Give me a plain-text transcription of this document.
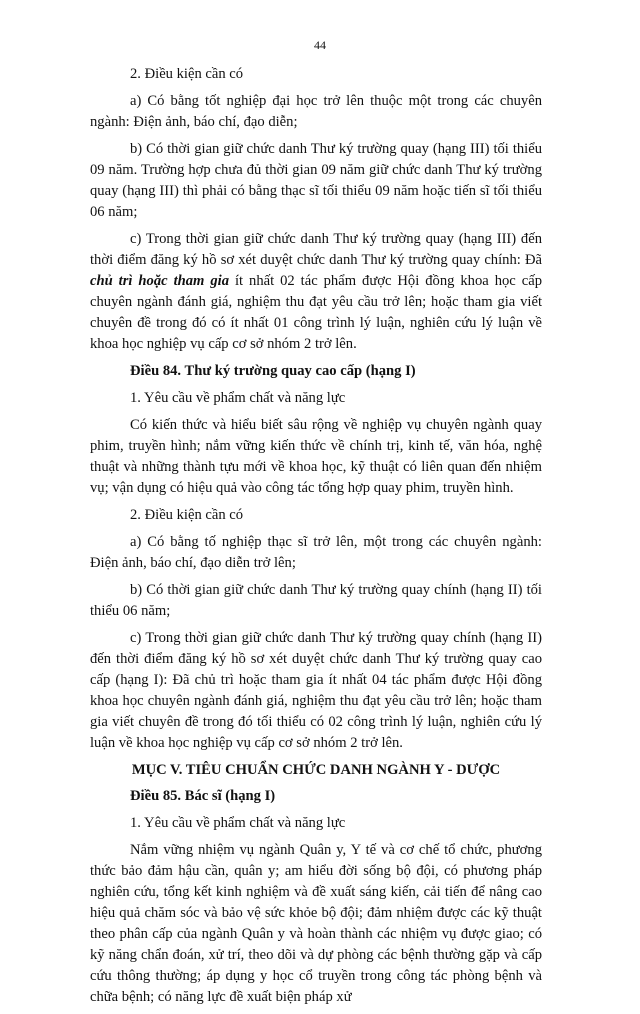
44

2. Điều kiện cần có

a) Có bằng tốt nghiệp đại học trở lên thuộc một trong các chuyên ngành: Điện ảnh, báo chí, đạo diễn;

b) Có thời gian giữ chức danh Thư ký trường quay (hạng III) tối thiểu 09 năm. Trường hợp chưa đủ thời gian 09 năm giữ chức danh Thư ký trường quay (hạng III) thì phải có bằng thạc sĩ tối thiểu 09 năm hoặc tiến sĩ tối thiểu 06 năm;

c) Trong thời gian giữ chức danh Thư ký trường quay (hạng III) đến thời điểm đăng ký hồ sơ xét duyệt chức danh Thư ký trường quay chính: Đã chủ trì hoặc tham gia ít nhất 02 tác phẩm được Hội đồng khoa học cấp chuyên ngành đánh giá, nghiệm thu đạt yêu cầu trở lên; hoặc tham gia viết chuyên đề trong đó có ít nhất 01 công trình lý luận, nghiên cứu lý luận về khoa học nghiệp vụ cấp cơ sở nhóm 2 trở lên.

Điều 84. Thư ký trường quay cao cấp (hạng I)

1. Yêu cầu về phẩm chất và năng lực

Có kiến thức và hiểu biết sâu rộng về nghiệp vụ chuyên ngành quay phim, truyền hình; nắm vững kiến thức về chính trị, kinh tế, văn hóa, nghệ thuật và những thành tựu mới về khoa học, kỹ thuật có liên quan đến nhiệm vụ; vận dụng có hiệu quả vào công tác tổng hợp quay phim, truyền hình.

2. Điều kiện cần có

a) Có bằng tố nghiệp thạc sĩ trở lên, một trong các chuyên ngành: Điện ảnh, báo chí, đạo diễn trở lên;

b) Có thời gian giữ chức danh Thư ký trường quay chính (hạng II) tối thiểu 06 năm;

c) Trong thời gian giữ chức danh Thư ký trường quay chính (hạng II) đến thời điểm đăng ký hồ sơ xét duyệt chức danh Thư ký trường quay cao cấp (hạng I): Đã chủ trì hoặc tham gia ít nhất 04 tác phẩm được Hội đồng khoa học chuyên ngành đánh giá, nghiệm thu đạt yêu cầu trở lên; hoặc tham gia viết chuyên đề trong đó tối thiểu có 02 công trình lý luận, nghiên cứu lý luận về khoa học nghiệp vụ cấp cơ sở nhóm 2 trở lên.

MỤC V. TIÊU CHUẨN CHỨC DANH NGÀNH Y - DƯỢC

Điều 85. Bác sĩ (hạng I)

1. Yêu cầu về phẩm chất và năng lực

Nắm vững nhiệm vụ ngành Quân y, Y tế và cơ chế tổ chức, phương thức bảo đảm hậu cần, quân y; am hiểu đời sống bộ đội, có phương pháp nghiên cứu, tổng kết kinh nghiệm và đề xuất sáng kiến, cải tiến để nâng cao hiệu quả chăm sóc và bảo vệ sức khỏe bộ đội; đảm nhiệm được các kỹ thuật theo phân cấp của ngành Quân y và hoàn thành các nhiệm vụ được giao; có kỹ năng chẩn đoán, xử trí, theo dõi và dự phòng các bệnh thường gặp và cấp cứu thông thường; áp dụng y học cổ truyền trong công tác phòng bệnh và chữa bệnh; có năng lực đề xuất biện pháp xử
